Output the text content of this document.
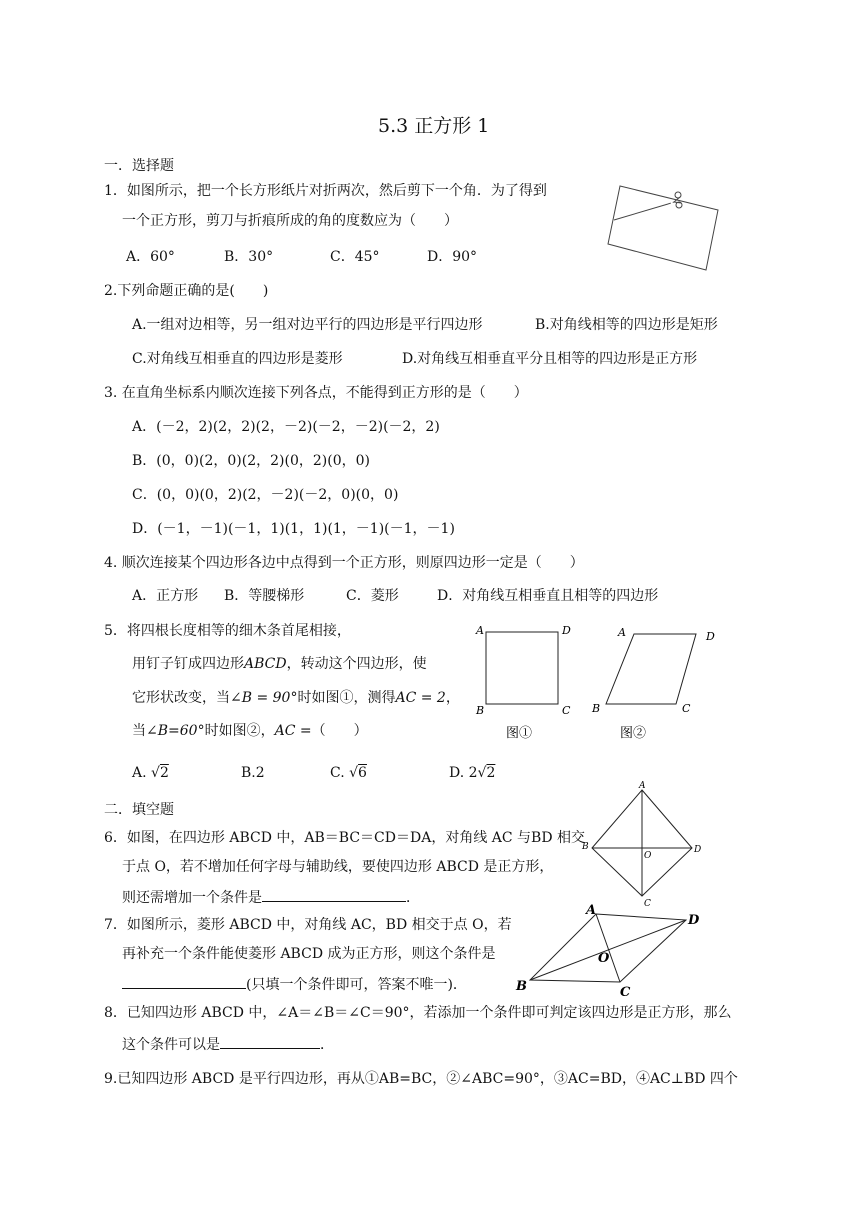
5.3 正方形 1
一．选择题
1．如图所示，把一个长方形纸片对折两次，然后剪下一个角．为了得到
一个正方形，剪刀与折痕所成的角的度数应为（　　）
A．60°	B．30°	C．45°	D．90°
2.下列命题正确的是(　　)
A.一组对边相等，另一组对边平行的四边形是平行四边形	B.对角线相等的四边形是矩形
C.对角线互相垂直的四边形是菱形	D.对角线互相垂直平分且相等的四边形是正方形
3. 在直角坐标系内顺次连接下列各点，不能得到正方形的是（　　）
A．(－2，2)(2，2)(2，－2)(－2，－2)(－2，2)
B．(0，0)(2，0)(2，2)(0，2)(0，0)
C．(0，0)(0，2)(2，－2)(－2，0)(0，0)
D．(－1，－1)(－1，1)(1，1)(1，－1)(－1，－1)
4. 顺次连接某个四边形各边中点得到一个正方形，则原四边形一定是（　　）
A．正方形 B．等腰梯形	C．菱形	D．对角线互相垂直且相等的四边形
5．将四根长度相等的细木条首尾相接，
用钉子钉成四边形ABCD，转动这个四边形，使
它形状改变，当∠B = 90°时如图①，测得AC = 2，
当∠B=60°时如图②，AC =（　　）
A. √2	B.2	C. √6	D. 2√2
A	D
B	C
图①
A	D
B	C
图②
二．填空题
6．如图，在四边形 ABCD 中，AB＝BC＝CD＝DA，对角线 AC 与BD 相交
于点 O，若不增加任何字母与辅助线，要使四边形 ABCD 是正方形，
则还需增加一个条件是	．
A
B
C
D
O
7．如图所示，菱形 ABCD 中，对角线 AC，BD 相交于点 O，若
再补充一个条件能使菱形 ABCD 成为正方形，则这个条件是
(只填一个条件即可，答案不唯一)．
A
D
B	C
O
8．已知四边形 ABCD 中，∠A＝∠B＝∠C＝90°，若添加一个条件即可判定该四边形是正方形，那么
这个条件可以是	．
9.已知四边形 ABCD 是平行四边形，再从①AB=BC，②∠ABC=90°，③AC=BD，④AC⊥BD 四个
